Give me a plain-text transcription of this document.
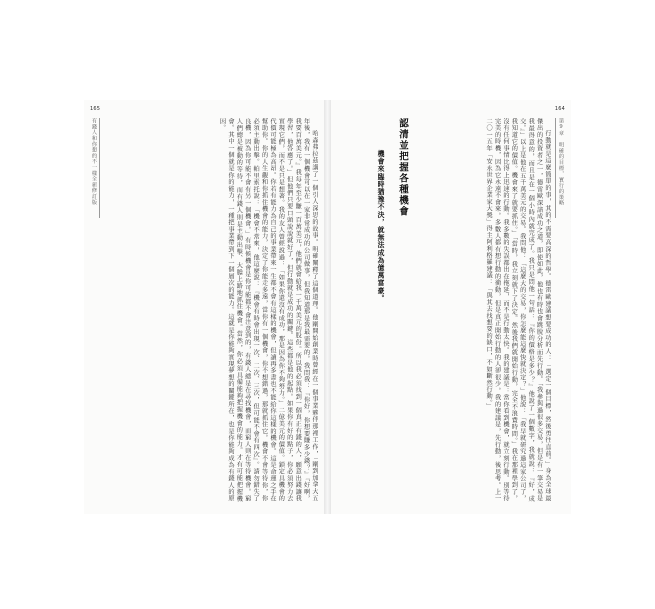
165
有錢人和你想的不一樣全新修訂版	哈森弗拉茲講了一個引人深思的故事。明確闡釋了這個道理。他剛開始創業時曾經在一個事業夥伴那裡工作，「剛到加拿大五年後，我有一個機會可以在一家非常成功的公司做事，但我知道那是我最需要的。我問我：『你好，你想要賺多少錢？』『好啊，我要百萬美元。』我每年至少賺一百萬美元，他們就會給我一千萬美元的股份。所以我必須找到一個真正有錢的人，願意出錢讓我學習，他答應了。」但他們只要口頭說說就好了，但行動就是成功的關鍵。這些都是他的起點。如果你有好的點子，你必須努力去實現它們，而不是只是想著。我的友人曾經說過：「如果你還沒有成功，那是因為你不夠努力。」二億美元的價值。鎖定具機會的代價可能極為高昂。你若有能力為自己的事業帶來一生都不會有這樣的機會，但讀再多書也不能給你這樣的機會。這是命運之手在幫助你。你的人生觀和你抓住機會的能力，決定了你能走多遠，當你有一個機會，你不想錯過，那就抓住它。機會不會等待你，你必須主動出擊。帕里索托說：「機會不常來，他這麼說：『機會有時會出現一次、二次、三次，但可能不會有四次』。請勿錯失了良機，因為你可能不會有另一個機會。」有時候機會是你可能都不會注意到的，有錢人總是在尋找機會，而窮人則在等待機會。窮人們總是被動的等待，而有錢人則是主動出擊、大膽上路地抓住機會。當然，你必須具備能夠把握機會的能力。才有可能把握機會。其中一個就是你的能力，一種把事業帶到下一個層次的能力。這就是你能夠實現夢想的關鍵所在，也是你能夠成為有錢人的原因。

164
第9章　明確的目標，實行的策略

行動就是這麼簡單的事，其的不需要高深的哲學。德雷歐建議想要成功的人：「選定一個目標，然後勇往直前。」身為全球最傑出的投資者之一，德雷歐深諳成功之道，即使如此，他也有時也會跳脫分析而先行動。「我參與過很多交易，但是有一筆交易是我最得意的，而且是在一個小時內就完成了。我只是問他一句話：『你的價格是多少？』他說了一個數字，我就說：『好，成交。』」以上是他在五千萬美元的交易。我問他：「這麼大的交易，你怎麼能這麼快就決定？」他說：「我早就研究過這家公司了，我知道它的價值。機會來了就要抓住。」「當時，我立刻就下了決定。然後我們就開始行動，完全不浪費時間。」我在那裡學到了，沒有任何事情比得上迅速的行動。我多數的失誤都出在拖延，而不是行動太快。我的建議是：當你看到機會，就立刻行動。別等待完美的時機，因為它永遠不會來。多數人都有想行動的衝動，但是真正開始行動的人卻很少。我的建議是，先行動，後思考。上一二〇一五年「安永世界企業家大獎」得主阿利格羅建議：「與其去找想要的缺口，不如斷然行動。」

認清並把握各種機會
機會來臨時猶豫不決，就無法成為億萬富豪。
